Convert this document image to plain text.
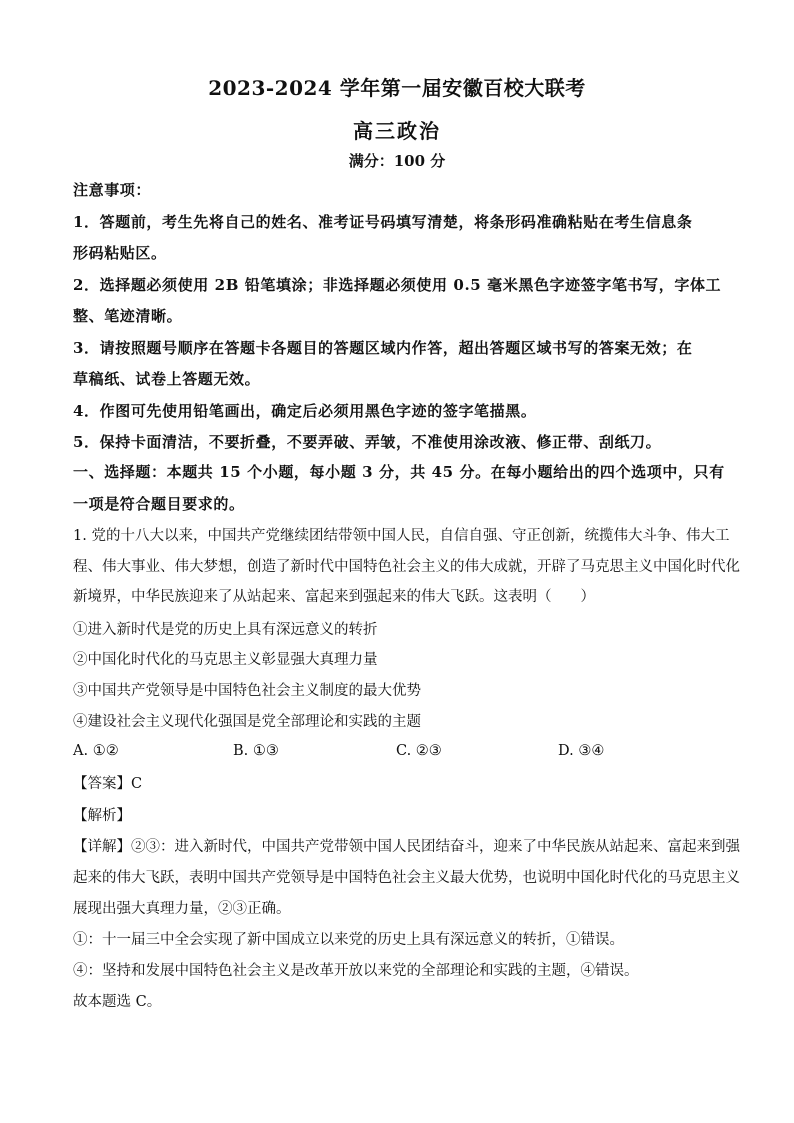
2023-2024 学年第一届安徽百校大联考
高三政治
满分：100 分
注意事项：
1．答题前，考生先将自己的姓名、准考证号码填写清楚，将条形码准确粘贴在考生信息条
形码粘贴区。
2．选择题必须使用 2B 铅笔填涂；非选择题必须使用 0.5 毫米黑色字迹签字笔书写，字体工
整、笔迹清晰。
3．请按照题号顺序在答题卡各题目的答题区域内作答，超出答题区域书写的答案无效；在
草稿纸、试卷上答题无效。
4．作图可先使用铅笔画出，确定后必须用黑色字迹的签字笔描黑。
5．保持卡面清洁，不要折叠，不要弄破、弄皱，不准使用涂改液、修正带、刮纸刀。
一、选择题：本题共 15 个小题，每小题 3 分，共 45 分。在每小题给出的四个选项中，只有
一项是符合题目要求的。
1. 党的十八大以来，中国共产党继续团结带领中国人民，自信自强、守正创新，统揽伟大斗争、伟大工
程、伟大事业、伟大梦想，创造了新时代中国特色社会主义的伟大成就，开辟了马克思主义中国化时代化
新境界，中华民族迎来了从站起来、富起来到强起来的伟大飞跃。这表明（　　）
①进入新时代是党的历史上具有深远意义的转折
②中国化时代化的马克思主义彰显强大真理力量
③中国共产党领导是中国特色社会主义制度的最大优势
④建设社会主义现代化强国是党全部理论和实践的主题
A. ①②	B. ①③	C. ②③	D. ③④
【答案】C
【解析】
【详解】②③：进入新时代，中国共产党带领中国人民团结奋斗，迎来了中华民族从站起来、富起来到强
起来的伟大飞跃，表明中国共产党领导是中国特色社会主义最大优势，也说明中国化时代化的马克思主义
展现出强大真理力量，②③正确。
①：十一届三中全会实现了新中国成立以来党的历史上具有深远意义的转折，①错误。
④：坚持和发展中国特色社会主义是改革开放以来党的全部理论和实践的主题，④错误。
故本题选 C。
